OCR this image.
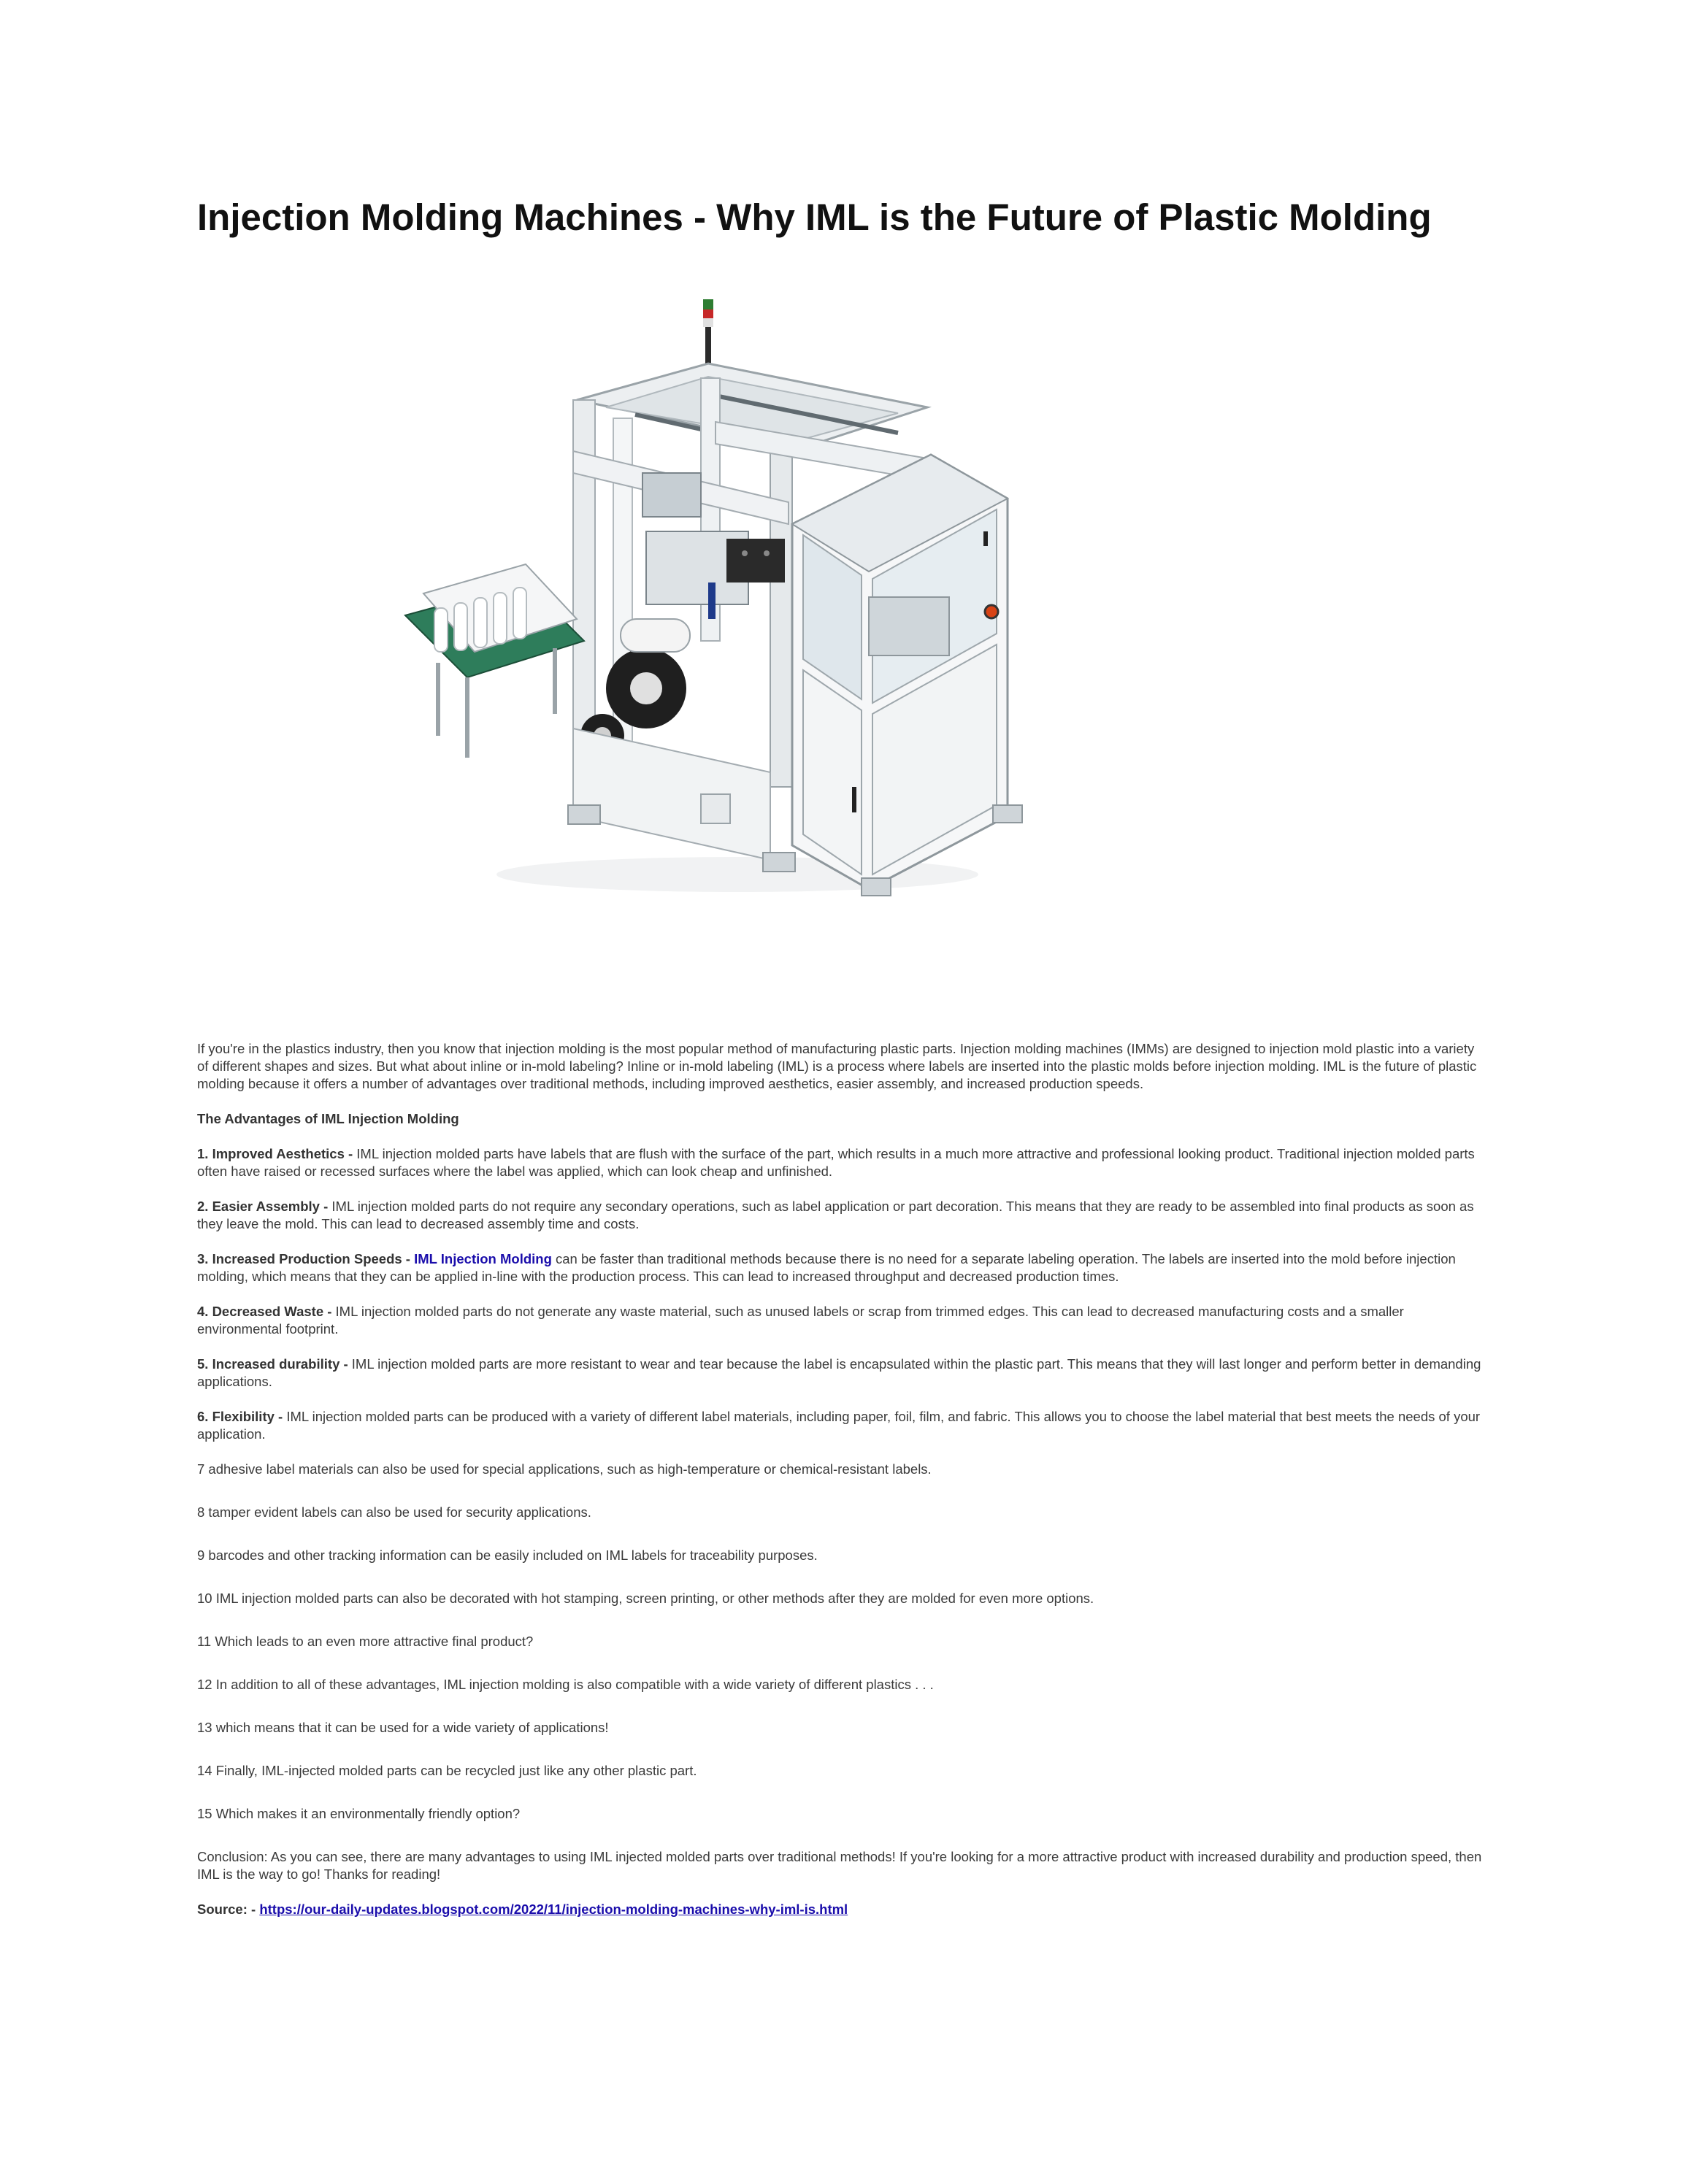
Injection Molding Machines - Why IML is the Future of Plastic Molding

If you're in the plastics industry, then you know that injection molding is the most popular method of manufacturing plastic parts. Injection molding machines (IMMs) are designed to injection mold plastic into a variety of different shapes and sizes. But what about inline or in-mold labeling? Inline or in-mold labeling (IML) is a process where labels are inserted into the plastic molds before injection molding. IML is the future of plastic molding because it offers a number of advantages over traditional methods, including improved aesthetics, easier assembly, and increased production speeds.

The Advantages of IML Injection Molding

1. Improved Aesthetics - IML injection molded parts have labels that are flush with the surface of the part, which results in a much more attractive and professional looking product. Traditional injection molded parts often have raised or recessed surfaces where the label was applied, which can look cheap and unfinished.

2. Easier Assembly - IML injection molded parts do not require any secondary operations, such as label application or part decoration. This means that they are ready to be assembled into final products as soon as they leave the mold. This can lead to decreased assembly time and costs.

3. Increased Production Speeds - IML Injection Molding can be faster than traditional methods because there is no need for a separate labeling operation. The labels are inserted into the mold before injection molding, which means that they can be applied in-line with the production process. This can lead to increased throughput and decreased production times.

4. Decreased Waste - IML injection molded parts do not generate any waste material, such as unused labels or scrap from trimmed edges. This can lead to decreased manufacturing costs and a smaller environmental footprint.

5. Increased durability - IML injection molded parts are more resistant to wear and tear because the label is encapsulated within the plastic part. This means that they will last longer and perform better in demanding applications.

6. Flexibility - IML injection molded parts can be produced with a variety of different label materials, including paper, foil, film, and fabric. This allows you to choose the label material that best meets the needs of your application.

7 adhesive label materials can also be used for special applications, such as high-temperature or chemical-resistant labels.

8 tamper evident labels can also be used for security applications.

9 barcodes and other tracking information can be easily included on IML labels for traceability purposes.

10 IML injection molded parts can also be decorated with hot stamping, screen printing, or other methods after they are molded for even more options.

11 Which leads to an even more attractive final product?

12 In addition to all of these advantages, IML injection molding is also compatible with a wide variety of different plastics . . .

13 which means that it can be used for a wide variety of applications!

14 Finally, IML-injected molded parts can be recycled just like any other plastic part.

15 Which makes it an environmentally friendly option?

Conclusion: As you can see, there are many advantages to using IML injected molded parts over traditional methods! If you're looking for a more attractive product with increased durability and production speed, then IML is the way to go! Thanks for reading!

Source: - https://our-daily-updates.blogspot.com/2022/11/injection-molding-machines-why-iml-is.html
